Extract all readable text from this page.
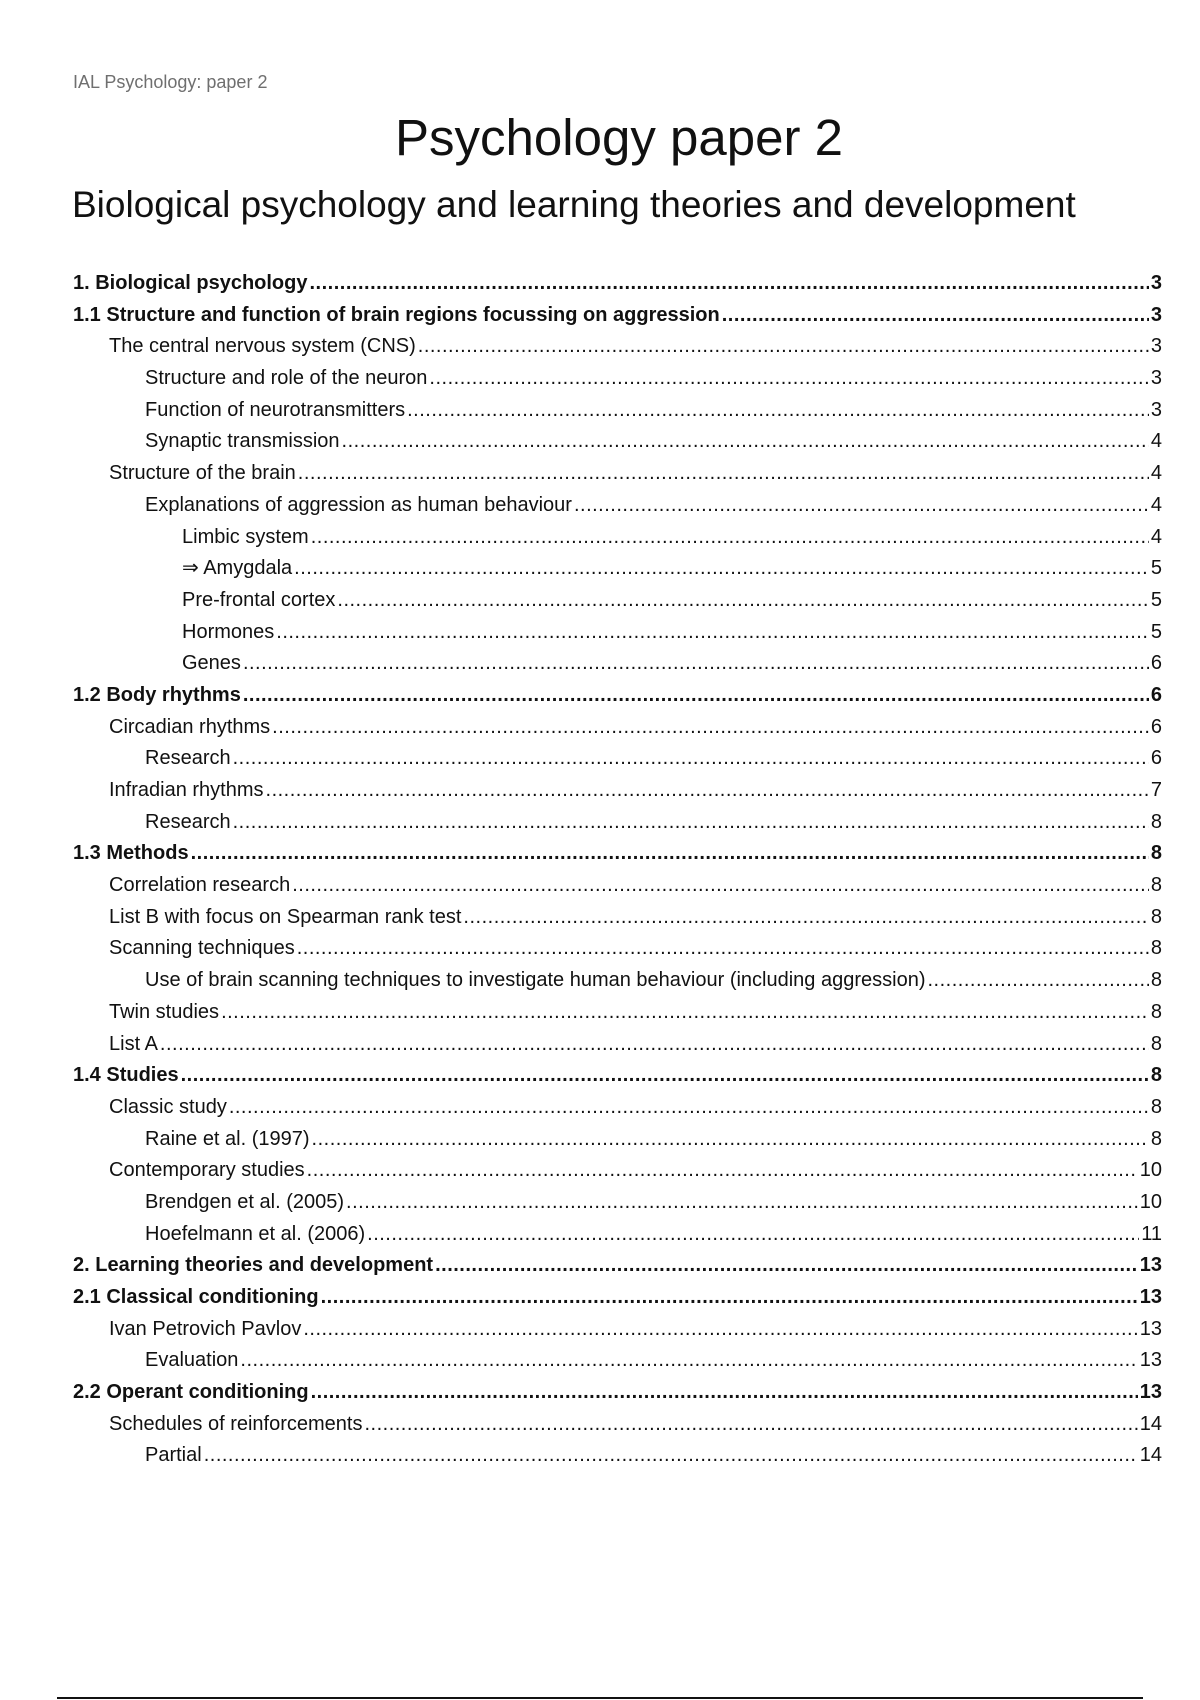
IAL Psychology: paper 2
Psychology paper 2
Biological psychology and learning theories and development
1. Biological psychology .....	3
1.1 Structure and function of brain regions focussing on aggression .....	3
The central nervous system (CNS) .....	3
Structure and role of the neuron .....	3
Function of neurotransmitters .....	3
Synaptic transmission .....	4
Structure of the brain .....	4
Explanations of aggression as human behaviour .....	4
Limbic system .....	4
⇒ Amygdala .....	5
Pre-frontal cortex .....	5
Hormones .....	5
Genes .....	6
1.2 Body rhythms .....	6
Circadian rhythms .....	6
Research .....	6
Infradian rhythms .....	7
Research .....	8
1.3 Methods .....	8
Correlation research .....	8
List B with focus on Spearman rank test .....	8
Scanning techniques .....	8
Use of brain scanning techniques to investigate human behaviour (including aggression) .....	8
Twin studies .....	8
List A .....	8
1.4 Studies .....	8
Classic study .....	8
Raine et al. (1997) .....	8
Contemporary studies .....	10
Brendgen et al. (2005) .....	10
Hoefelmann et al. (2006) .....	11
2. Learning theories and development .....	13
2.1 Classical conditioning .....	13
Ivan Petrovich Pavlov .....	13
Evaluation .....	13
2.2 Operant conditioning .....	13
Schedules of reinforcements .....	14
Partial .....	14
